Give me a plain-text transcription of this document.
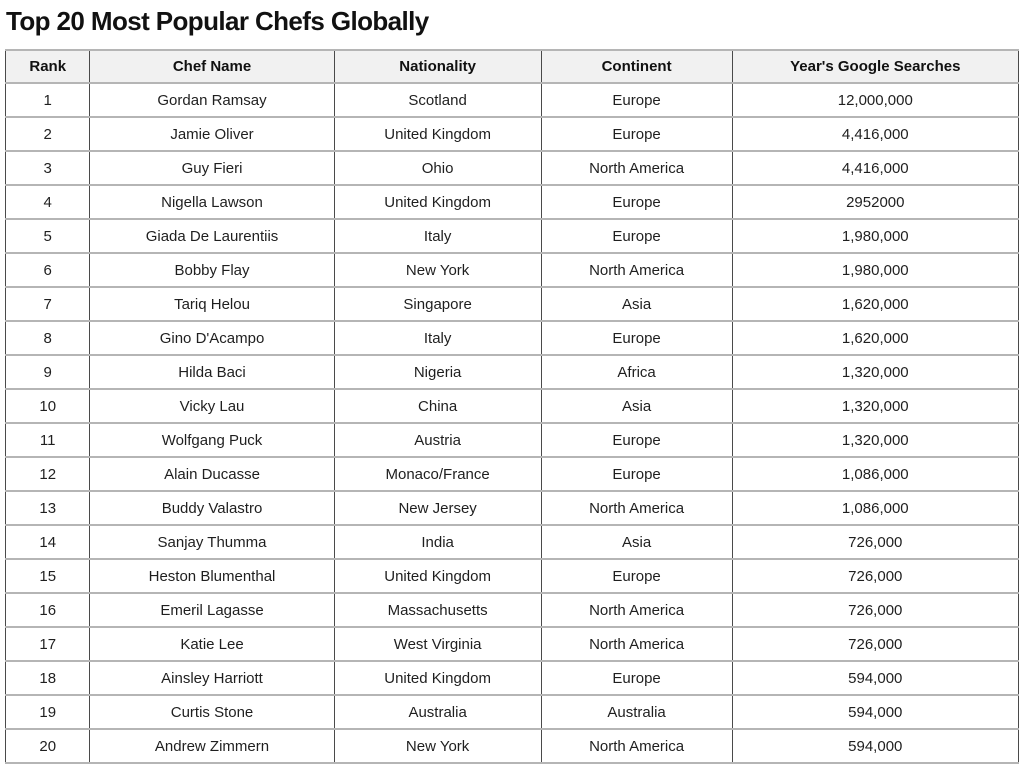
Top 20 Most Popular Chefs Globally
Rank	Chef Name	Nationality	Continent	Year's Google Searches
1	Gordan Ramsay	Scotland	Europe	12,000,000
2	Jamie Oliver	United Kingdom	Europe	4,416,000
3	Guy Fieri	Ohio	North America	4,416,000
4	Nigella Lawson	United Kingdom	Europe	2952000
5	Giada De Laurentiis	Italy	Europe	1,980,000
6	Bobby Flay	New York	North America	1,980,000
7	Tariq Helou	Singapore	Asia	1,620,000
8	Gino D'Acampo	Italy	Europe	1,620,000
9	Hilda Baci	Nigeria	Africa	1,320,000
10	Vicky Lau	China	Asia	1,320,000
11	Wolfgang Puck	Austria	Europe	1,320,000
12	Alain Ducasse	Monaco/France	Europe	1,086,000
13	Buddy Valastro	New Jersey	North America	1,086,000
14	Sanjay Thumma	India	Asia	726,000
15	Heston Blumenthal	United Kingdom	Europe	726,000
16	Emeril Lagasse	Massachusetts	North America	726,000
17	Katie Lee	West Virginia	North America	726,000
18	Ainsley Harriott	United Kingdom	Europe	594,000
19	Curtis Stone	Australia	Australia	594,000
20	Andrew Zimmern	New York	North America	594,000
